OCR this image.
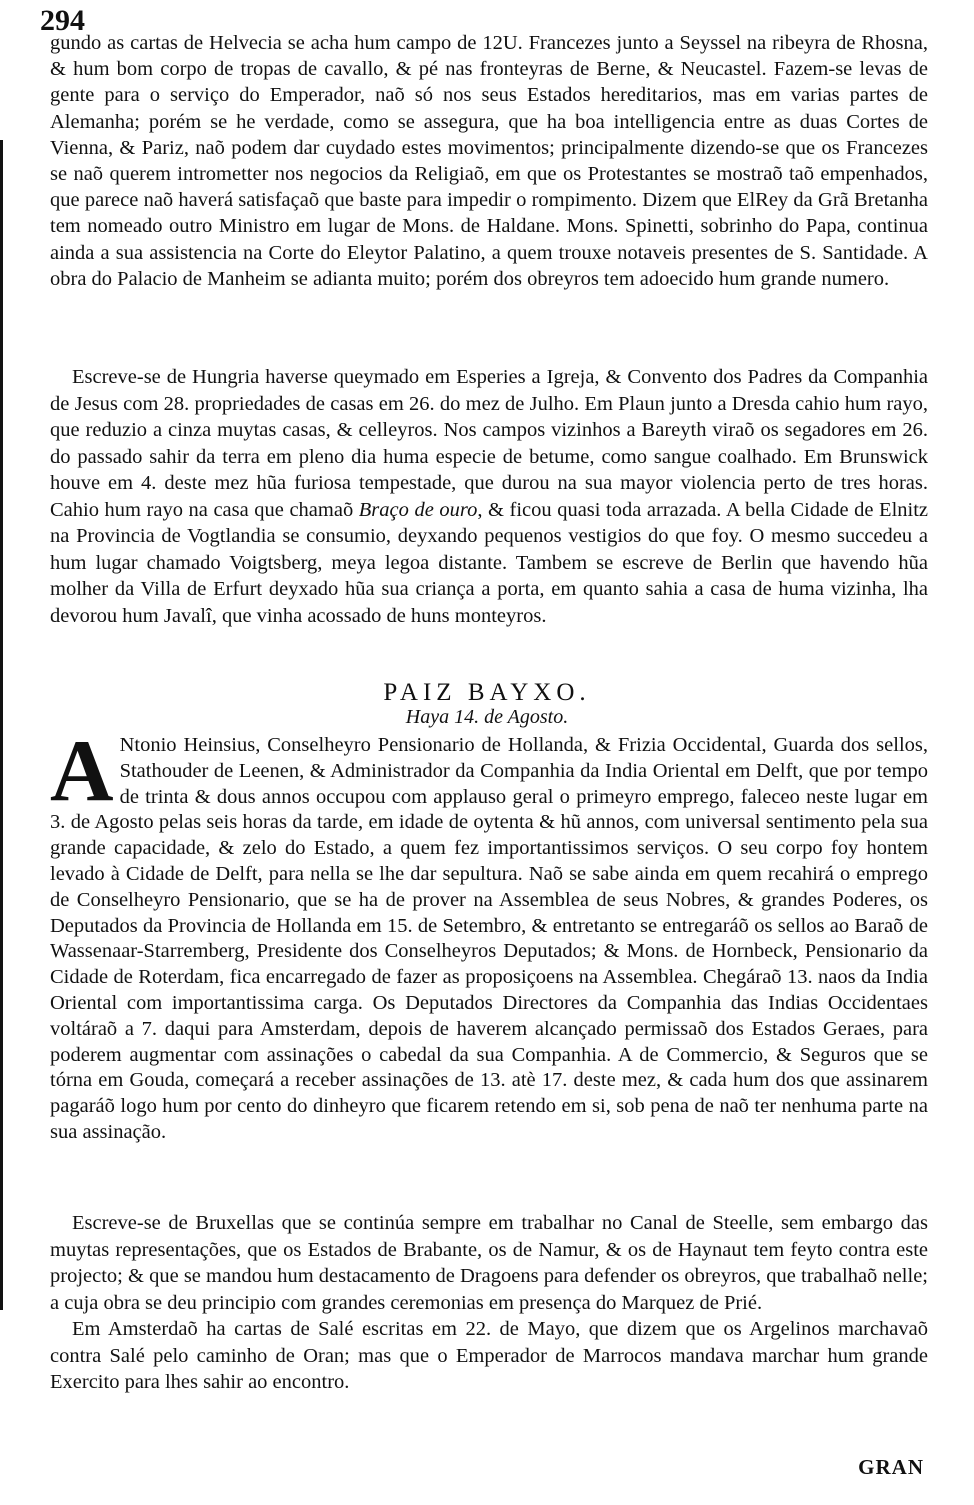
294

gundo as cartas de Helvecia se acha hum campo de 12U. Francezes junto a Seyssel na ribeyra de Rhosna, & hum bom corpo de tropas de cavallo, & pé nas fronteyras de Berne, & Neucastel. Fazem-se levas de gente para o serviço do Emperador, naõ só nos seus Estados hereditarios, mas em varias partes de Alemanha; porém se he verdade, como se assegura, que ha boa intelligencia entre as duas Cortes de Vienna, & Pariz, naõ podem dar cuydado estes movimentos; principalmente dizendo-se que os Francezes se naõ querem intrometter nos negocios da Religiaõ, em que os Protestantes se mostraõ taõ empenhados, que parece naõ haverá satisfaçaõ que baste para impedir o rompimento. Dizem que ElRey da Grã Bretanha tem nomeado outro Ministro em lugar de Mons. de Haldane. Mons. Spinetti, sobrinho do Papa, continua ainda a sua assistencia na Corte do Eleytor Palatino, a quem trouxe notaveis presentes de S. Santidade. A obra do Palacio de Manheim se adianta muito; porém dos obreyros tem adoecido hum grande numero.

Escreve-se de Hungria haverse queymado em Esperies a Igreja, & Convento dos Padres da Companhia de Jesus com 28. propriedades de casas em 26. do mez de Julho. Em Plaun junto a Dresda cahio hum rayo, que reduzio a cinza muytas casas, & celleyros. Nos campos vizinhos a Bareyth viraõ os segadores em 26. do passado sahir da terra em pleno dia huma especie de betume, como sangue coalhado. Em Brunswick houve em 4. deste mez hũa furiosa tempestade, que durou na sua mayor violencia perto de tres horas. Cahio hum rayo na casa que chamaõ Braço de ouro, & ficou quasi toda arrazada. A bella Cidade de Elnitz na Provincia de Vogtlandia se consumio, deyxando pequenos vestigios do que foy. O mesmo succedeu a hum lugar chamado Voigtsberg, meya legoa distante. Tambem se escreve de Berlin que havendo hũa molher da Villa de Erfurt deyxado hũa sua criança a porta, em quanto sahia a casa de huma vizinha, lha devorou hum Javalî, que vinha acossado de huns monteyros.

PAIZ BAYXO.
Haya 14. de Agosto.

A Ntonio Heinsius, Conselheyro Pensionario de Hollanda, & Frizia Occidental, Guarda dos sellos, Stathouder de Leenen, & Administrador da Companhia da India Oriental em Delft, que por tempo de trinta & dous annos occupou com applauso geral o primeyro emprego, faleceo neste lugar em 3. de Agosto pelas seis horas da tarde, em idade de oytenta & hũ annos, com universal sentimento pela sua grande capacidade, & zelo do Estado, a quem fez importantissimos serviços. O seu corpo foy hontem levado à Cidade de Delft, para nella se lhe dar sepultura. Naõ se sabe ainda em quem recahirá o emprego de Conselheyro Pensionario, que se ha de prover na Assemblea de seus Nobres, & grandes Poderes, os Deputados da Provincia de Hollanda em 15. de Setembro, & entretanto se entregaráõ os sellos ao Baraõ de Wassenaar-Starremberg, Presidente dos Conselheyros Deputados; & Mons. de Hornbeck, Pensionario da Cidade de Roterdam, fica encarregado de fazer as proposiçoens na Assemblea. Chegáraõ 13. naos da India Oriental com importantissima carga. Os Deputados Directores da Companhia das Indias Occidentaes voltáraõ a 7. daqui para Amsterdam, depois de haverem alcançado permissaõ dos Estados Geraes, para poderem augmentar com assinações o cabedal da sua Companhia. A de Commercio, & Seguros que se tórna em Gouda, começará a receber assinações de 13. atè 17. deste mez, & cada hum dos que assinarem pagaráõ logo hum por cento do dinheyro que ficarem retendo em si, sob pena de naõ ter nenhuma parte na sua assinação.

Escreve-se de Bruxellas que se continúa sempre em trabalhar no Canal de Steelle, sem embargo das muytas representações, que os Estados de Brabante, os de Namur, & os de Haynaut tem feyto contra este projecto; & que se mandou hum destacamento de Dragoens para defender os obreyros, que trabalhaõ nelle; a cuja obra se deu principio com grandes ceremonias em presença do Marquez de Prié.

Em Amsterdaõ ha cartas de Salé escritas em 22. de Mayo, que dizem que os Argelinos marchavaõ contra Salé pelo caminho de Oran; mas que o Emperador de Marrocos mandava marchar hum grande Exercito para lhes sahir ao encontro.

GRAN
